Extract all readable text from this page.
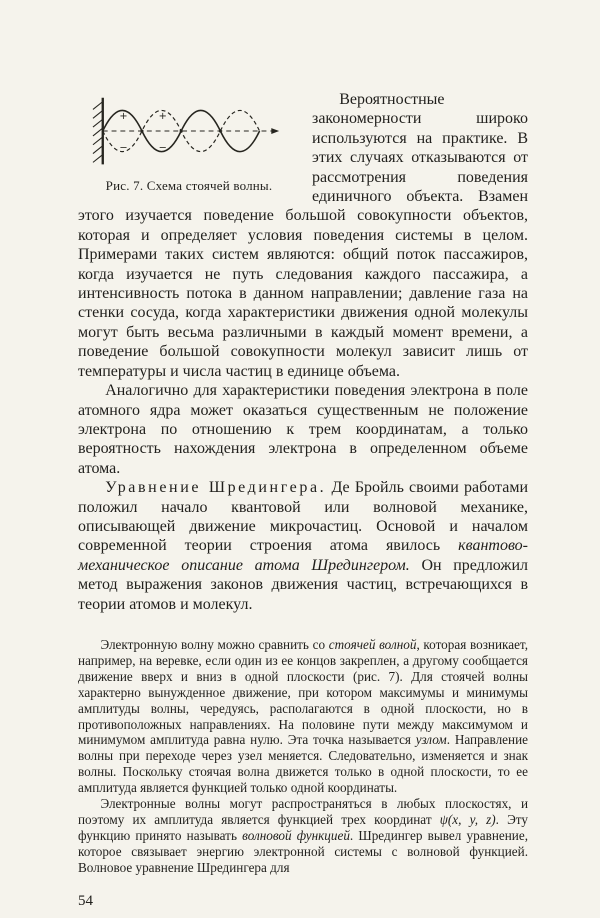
+	+
−	−
Рис. 7. Схема стоячей волны.

Вероятностные закономерности широко используются на практике. В этих случаях отказываются от рассмотрения поведения единичного объекта. Взамен этого изучается поведение большой совокупности объектов, которая и определяет условия поведения системы в целом. Примерами таких систем являются: общий поток пассажиров, когда изучается не путь следования каждого пассажира, а интенсивность потока в данном направлении; давление газа на стенки сосуда, когда характеристики движения одной молекулы могут быть весьма различными в каждый момент времени, а поведение большой совокупности молекул зависит лишь от температуры и числа частиц в единице объема.

Аналогично для характеристики поведения электрона в поле атомного ядра может оказаться существенным не положение электрона по отношению к трем координатам, а только вероятность нахождения электрона в определенном объеме атома.

Уравнение Шредингера. Де Бройль своими работами положил начало квантовой или волновой механике, описывающей движение микрочастиц. Основой и началом современной теории строения атома явилось квантово-механическое описание атома Шредингером. Он предложил метод выражения законов движения частиц, встречающихся в теории атомов и молекул.

Электронную волну можно сравнить со стоячей волной, которая возникает, например, на веревке, если один из ее концов закреплен, а другому сообщается движение вверх и вниз в одной плоскости (рис. 7). Для стоячей волны характерно вынужденное движение, при котором максимумы и минимумы амплитуды волны, чередуясь, располагаются в одной плоскости, но в противоположных направлениях. На половине пути между максимумом и минимумом амплитуда равна нулю. Эта точка называется узлом. Направление волны при переходе через узел меняется. Следовательно, изменяется и знак волны. Поскольку стоячая волна движется только в одной плоскости, то ее амплитуда является функцией только одной координаты.

Электронные волны могут распространяться в любых плоскостях, и поэтому их амплитуда является функцией трех координат ψ(x, y, z). Эту функцию принято называть волновой функцией. Шредингер вывел уравнение, которое связывает энергию электронной системы с волновой функцией. Волновое уравнение Шредингера для

54
